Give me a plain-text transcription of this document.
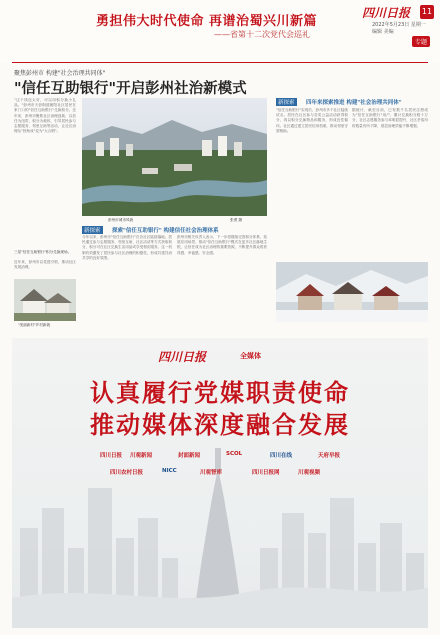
勇担伟大时代使命 再谱治蜀兴川新篇
——省第十二次党代会巡礼
四川日报 11
2022年5月23日 星期一
编辑 美编
专题
聚焦彭州市 构建"社会治理共同体"
"信任互助银行"开启彭州社治新模式
"这个钱包太好，可以用积分换小礼品。"彭州市天彭街道朝阳社区居民在家门口的"信任互助银行"兑换积分。近年来，彭州市聚焦社区治理创新，以信任为纽带，积分为载体，引导居民参与志愿服务、邻里互助等活动，让社区治理从"独角戏"变为"大合唱"。
三星"信任互助银行"积分兑换现场。
近年来，彭州市以党建引领，推动社区发展治理。
"美丽新村"乡村新貌
彭州市城市风貌	张勇 摄
新探索	探索"信任互助银行" 构建信任社会治理体系
今年以来，彭州市"信任互助银行"在各社区陆续落地。居民通过参与志愿服务、邻里互助、社区活动等方式获取积分，积分可在社区兑换生活用品或享受相应服务。这一机制有效激发了居民参与社区治理的积极性，形成共建共治共享的良好氛围。
彭州市相关负责人表示，下一步将继续完善积分体系，拓展应用场景，推动"信任互助银行"模式在更多社区落地生根，让信任成为社区治理的重要资源，不断提升群众的获得感、幸福感、安全感。
新探索	四年来探索推进 构建"社会治理共同体"
"信任互助银行"实现后，彭州市多个社区陆续试点。居民在社区参与各类公益活动获得积分，再以积分兑换物品和服务，形成良性循环。社区通过建立居民信用档案，推动邻里守望相助。
据统计，截至目前，已有数千名居民注册成为"信任互助银行"用户，累计兑换积分数十万分，社区志愿服务参与率明显提升，社区矛盾纠纷数量有所下降，基层治理效能不断增强。
四川日报	全媒体
认真履行党媒职责使命
推动媒体深度融合发展
四川日报 川观新闻	封面新闻	SCOL	四川在线	天府早报
四川农村日报	NICC	川观智库	四川日报网	川观视频
